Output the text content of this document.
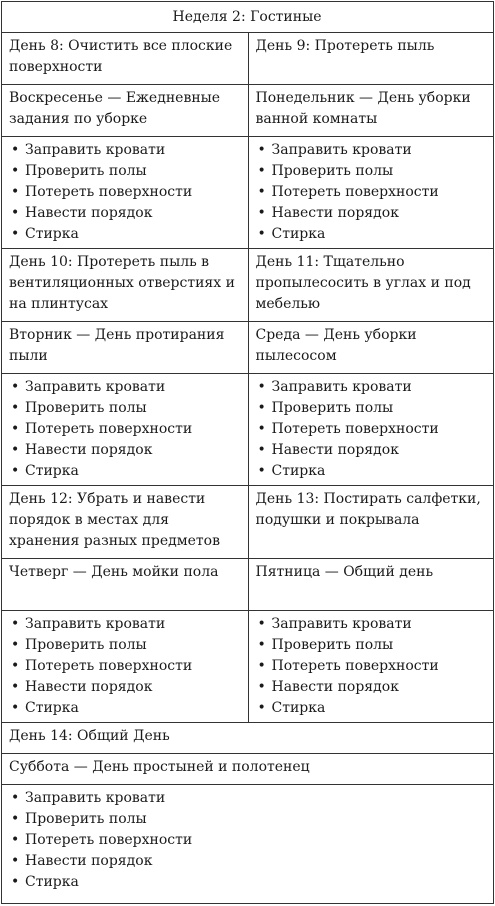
Неделя 2: Гостиные

День 8: Очистить все плоские поверхности

День 9: Протереть пыль

Воскресенье — Ежедневные задания по уборке

Понедельник — День уборки ванной комнаты

• Заправить кровати
• Проверить полы
• Потереть поверхности
• Навести порядок
• Стирка
• Заправить кровати
• Проверить полы
• Потереть поверхности
• Навести порядок
• Стирка

День 10: Протереть пыль в вентиляционных отверстиях и на плинтусах

День 11: Тщательно пропылесосить в углах и под мебелью

Вторник — День протирания пыли

Среда — День уборки пылесосом

• Заправить кровати
• Проверить полы
• Потереть поверхности
• Навести порядок
• Стирка
• Заправить кровати
• Проверить полы
• Потереть поверхности
• Навести порядок
• Стирка

День 12: Убрать и навести порядок в местах для хранения разных предметов

День 13: Постирать салфетки, подушки и покрывала

Четверг — День мойки пола	Пятница — Общий день

• Заправить кровати
• Проверить полы
• Потереть поверхности
• Навести порядок
• Стирка
• Заправить кровати
• Проверить полы
• Потереть поверхности
• Навести порядок
• Стирка

День 14: Общий День

Суббота — День простыней и полотенец

• Заправить кровати
• Проверить полы
• Потереть поверхности
• Навести порядок
• Стирка
